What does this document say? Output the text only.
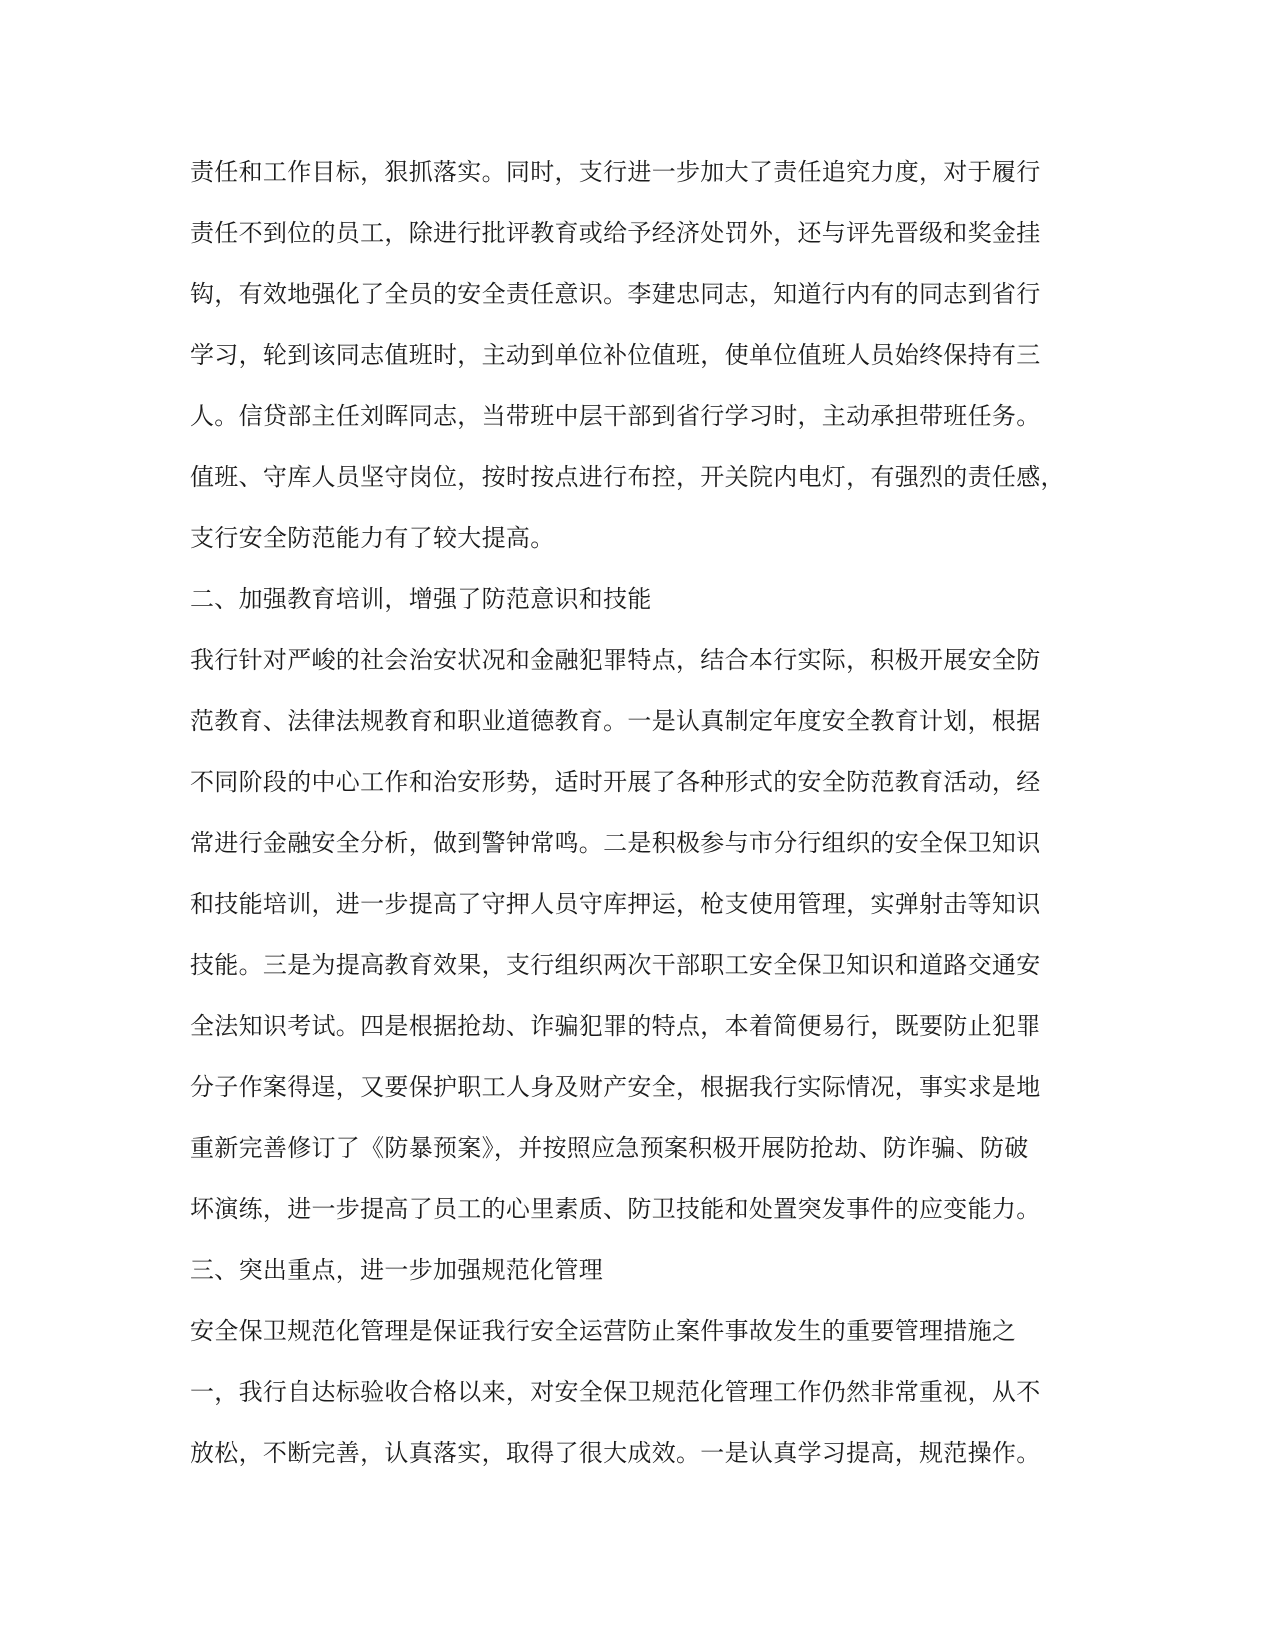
责任和工作目标，狠抓落实。同时，支行进一步加大了责任追究力度，对于履行
责任不到位的员工，除进行批评教育或给予经济处罚外，还与评先晋级和奖金挂
钩，有效地强化了全员的安全责任意识。李建忠同志，知道行内有的同志到省行
学习，轮到该同志值班时，主动到单位补位值班，使单位值班人员始终保持有三
人。信贷部主任刘晖同志，当带班中层干部到省行学习时，主动承担带班任务。
值班、守库人员坚守岗位，按时按点进行布控，开关院内电灯，有强烈的责任感，
支行安全防范能力有了较大提高。
二、加强教育培训，增强了防范意识和技能
我行针对严峻的社会治安状况和金融犯罪特点，结合本行实际，积极开展安全防
范教育、法律法规教育和职业道德教育。一是认真制定年度安全教育计划，根据
不同阶段的中心工作和治安形势，适时开展了各种形式的安全防范教育活动，经
常进行金融安全分析，做到警钟常鸣。二是积极参与市分行组织的安全保卫知识
和技能培训，进一步提高了守押人员守库押运，枪支使用管理，实弹射击等知识
技能。三是为提高教育效果，支行组织两次干部职工安全保卫知识和道路交通安
全法知识考试。四是根据抢劫、诈骗犯罪的特点，本着简便易行，既要防止犯罪
分子作案得逞，又要保护职工人身及财产安全，根据我行实际情况，事实求是地
重新完善修订了《防暴预案》，并按照应急预案积极开展防抢劫、防诈骗、防破
坏演练，进一步提高了员工的心里素质、防卫技能和处置突发事件的应变能力。
三、突出重点，进一步加强规范化管理
安全保卫规范化管理是保证我行安全运营防止案件事故发生的重要管理措施之
一，我行自达标验收合格以来，对安全保卫规范化管理工作仍然非常重视，从不
放松，不断完善，认真落实，取得了很大成效。一是认真学习提高，规范操作。
